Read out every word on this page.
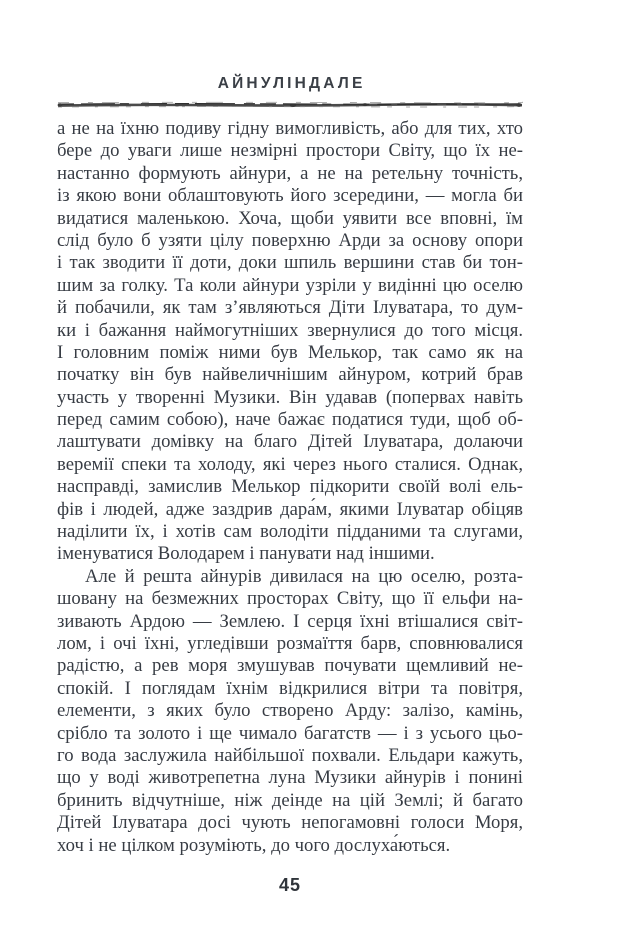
АЙНУЛІНДАЛЕ
а не на їхню подиву гідну вимогливість, або для тих, хто
бере до уваги лише незмірні простори Світу, що їх не-
настанно формують айнури, а не на ретельну точність,
із якою вони облаштовують його зсередини, — могла би
видатися маленькою. Хоча, щоби уявити все вповні, їм
слід було б узяти цілу поверхню Арди за основу опори
і так зводити її доти, доки шпиль вершини став би тон-
шим за голку. Та коли айнури узріли у видінні цю оселю
й побачили, як там з’являються Діти Ілуватара, то дум-
ки і бажання наймогутніших звернулися до того місця.
І головним поміж ними був Мелькор, так само як на
початку він був найвеличнішим айнуром, котрий брав
участь у творенні Музики. Він удавав (попервах навіть
перед самим собою), наче бажає податися туди, щоб об-
лаштувати домівку на благо Дітей Ілуватара, долаючи
веремії спеки та холоду, які через нього сталися. Однак,
насправді, замислив Мелькор підкорити своїй волі ель-
фів і людей, адже заздрив дара́м, якими Ілуватар обіцяв
наділити їх, і хотів сам володіти підданими та слугами,
іменуватися Володарем і панувати над іншими.
Але й решта айнурів дивилася на цю оселю, розта-
шовану на безмежних просторах Світу, що її ельфи на-
зивають Ардою — Землею. І серця їхні втішалися світ-
лом, і очі їхні, угледівши розмаїття барв, сповнювалися
радістю, а рев моря змушував почувати щемливий не-
спокій. І поглядам їхнім відкрилися вітри та повітря,
елементи, з яких було створено Арду: залізо, камінь,
срібло та золото і ще чимало багатств — і з усього цьо-
го вода заслужила найбільшої похвали. Ельдари кажуть,
що у воді животрепетна луна Музики айнурів і понині
бринить відчутніше, ніж деінде на цій Землі; й багато
Дітей Ілуватара досі чують непогамовні голоси Моря,
хоч і не цілком розуміють, до чого дослуха́ються.
45
